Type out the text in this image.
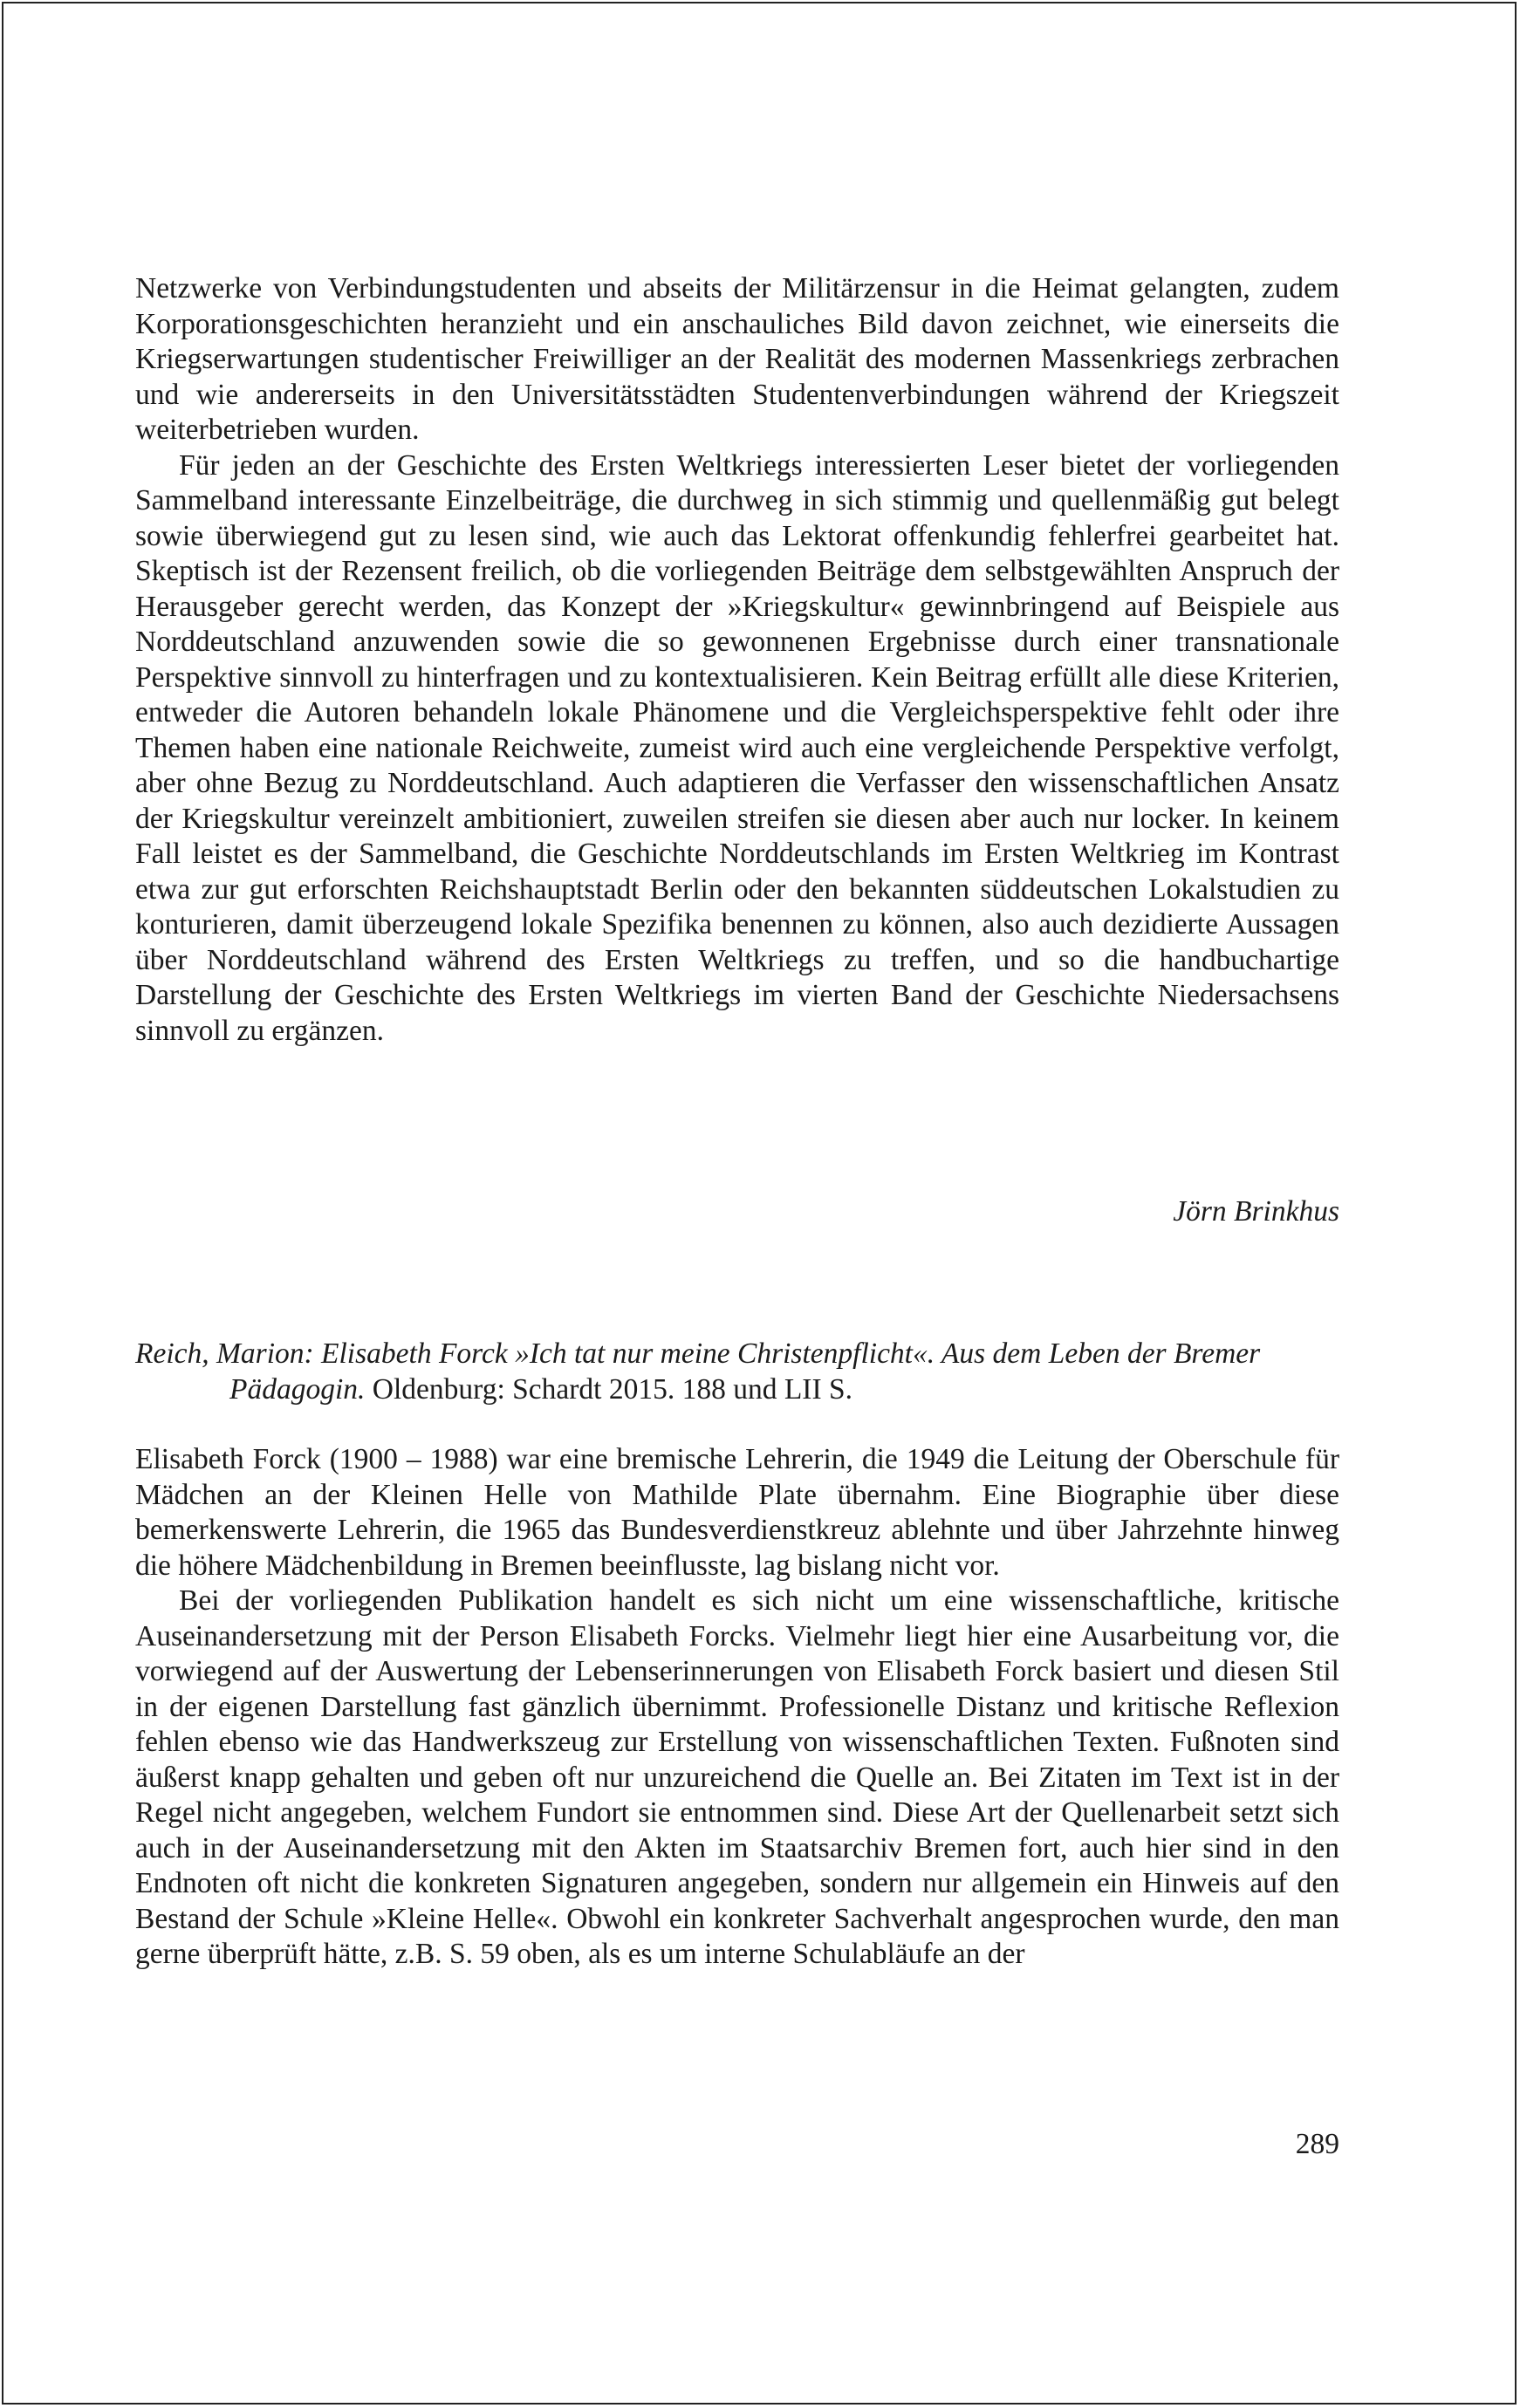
Netzwerke von Verbindungstudenten und abseits der Militärzensur in die Heimat gelangten, zudem Korporationsgeschichten heranzieht und ein anschauliches Bild davon zeichnet, wie einerseits die Kriegserwartungen studentischer Freiwilliger an der Realität des modernen Massenkriegs zerbrachen und wie andererseits in den Universitätsstädten Studentenverbindungen während der Kriegszeit weiterbetrieben wurden.

Für jeden an der Geschichte des Ersten Weltkriegs interessierten Leser bietet der vorliegenden Sammelband interessante Einzelbeiträge, die durchweg in sich stimmig und quellenmäßig gut belegt sowie überwiegend gut zu lesen sind, wie auch das Lektorat offenkundig fehlerfrei gearbeitet hat. Skeptisch ist der Rezensent freilich, ob die vorliegenden Beiträge dem selbstgewählten Anspruch der Herausgeber gerecht werden, das Konzept der »Kriegskultur« gewinnbringend auf Beispiele aus Norddeutschland anzuwenden sowie die so gewonnenen Ergebnisse durch einer transnationale Perspektive sinnvoll zu hinterfragen und zu kontextualisieren. Kein Beitrag erfüllt alle diese Kriterien, entweder die Autoren behandeln lokale Phänomene und die Vergleichsperspektive fehlt oder ihre Themen haben eine nationale Reichweite, zumeist wird auch eine vergleichende Perspektive verfolgt, aber ohne Bezug zu Norddeutschland. Auch adaptieren die Verfasser den wissenschaftlichen Ansatz der Kriegskultur vereinzelt ambitioniert, zuweilen streifen sie diesen aber auch nur locker. In keinem Fall leistet es der Sammelband, die Geschichte Norddeutschlands im Ersten Weltkrieg im Kontrast etwa zur gut erforschten Reichshauptstadt Berlin oder den bekannten süddeutschen Lokalstudien zu konturieren, damit überzeugend lokale Spezifika benennen zu können, also auch dezidierte Aussagen über Norddeutschland während des Ersten Weltkriegs zu treffen, und so die handbuchartige Darstellung der Geschichte des Ersten Weltkriegs im vierten Band der Geschichte Niedersachsens sinnvoll zu ergänzen.

Jörn Brinkhus
Reich, Marion: Elisabeth Forck »Ich tat nur meine Christenpflicht«. Aus dem Leben der Bremer Pädagogin. Oldenburg: Schardt 2015. 188 und LII S.

Elisabeth Forck (1900 – 1988) war eine bremische Lehrerin, die 1949 die Leitung der Oberschule für Mädchen an der Kleinen Helle von Mathilde Plate übernahm. Eine Biographie über diese bemerkenswerte Lehrerin, die 1965 das Bundesverdienstkreuz ablehnte und über Jahrzehnte hinweg die höhere Mädchenbildung in Bremen beeinflusste, lag bislang nicht vor.

Bei der vorliegenden Publikation handelt es sich nicht um eine wissenschaftliche, kritische Auseinandersetzung mit der Person Elisabeth Forcks. Vielmehr liegt hier eine Ausarbeitung vor, die vorwiegend auf der Auswertung der Lebenserinnerungen von Elisabeth Forck basiert und diesen Stil in der eigenen Darstellung fast gänzlich übernimmt. Professionelle Distanz und kritische Reflexion fehlen ebenso wie das Handwerkszeug zur Erstellung von wissenschaftlichen Texten. Fußnoten sind äußerst knapp gehalten und geben oft nur unzureichend die Quelle an. Bei Zitaten im Text ist in der Regel nicht angegeben, welchem Fundort sie entnommen sind. Diese Art der Quellenarbeit setzt sich auch in der Auseinandersetzung mit den Akten im Staatsarchiv Bremen fort, auch hier sind in den Endnoten oft nicht die konkreten Signaturen angegeben, sondern nur allgemein ein Hinweis auf den Bestand der Schule »Kleine Helle«. Obwohl ein konkreter Sachverhalt angesprochen wurde, den man gerne überprüft hätte, z.B. S. 59 oben, als es um interne Schulabläufe an der

289
